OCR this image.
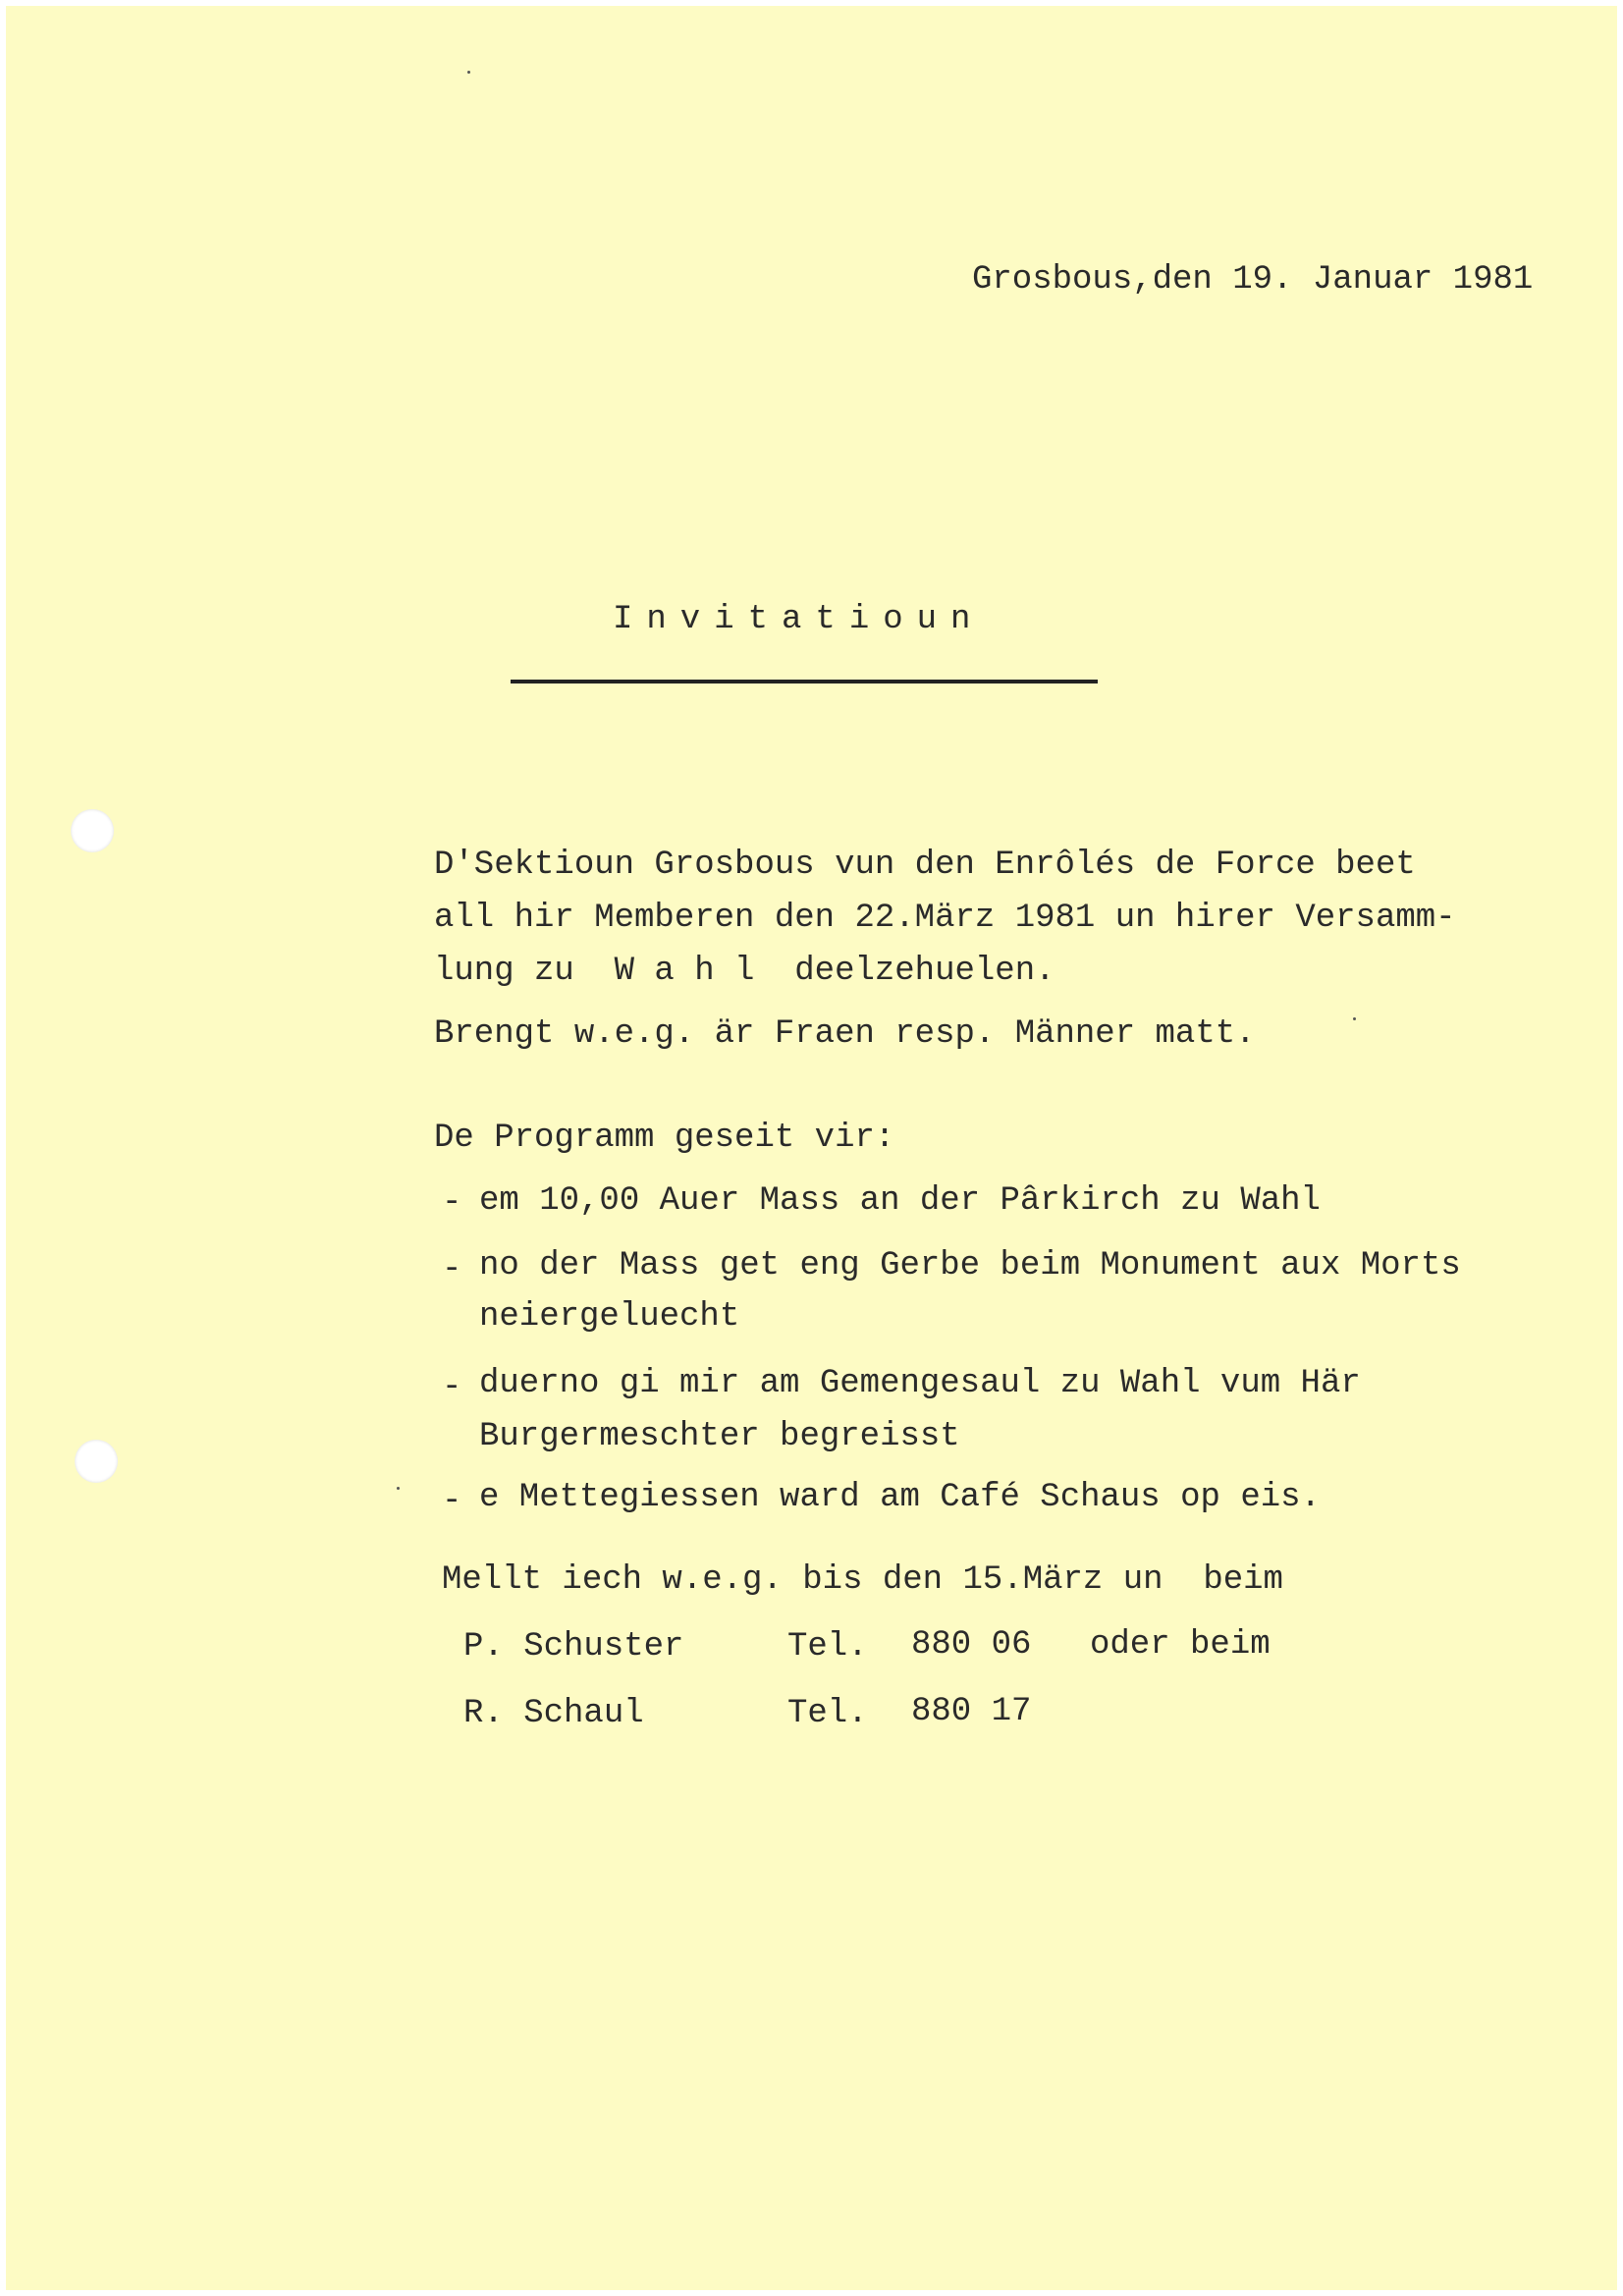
Grosbous,den 19. Januar 1981
Invitatioun
D'Sektioun Grosbous vun den Enrôlés de Force beet
all hir Memberen den 22.März 1981 un hirer Versamm-
lung zu  W a h l  deelzehuelen.
Brengt w.e.g. är Fraen resp. Männer matt.
De Programm geseit vir:
- em 10,00 Auer Mass an der Pârkirch zu Wahl
- no der Mass get eng Gerbe beim Monument aux Morts
neiergeluecht
- duerno gi mir am Gemengesaul zu Wahl vum Här
Burgermeschter begreisst
- e Mettegiessen ward am Café Schaus op eis.
Mellt iech w.e.g. bis den 15.März un  beim
P. Schuster	Tel. 880 06 oder beim
R. Schaul	Tel. 880 17
